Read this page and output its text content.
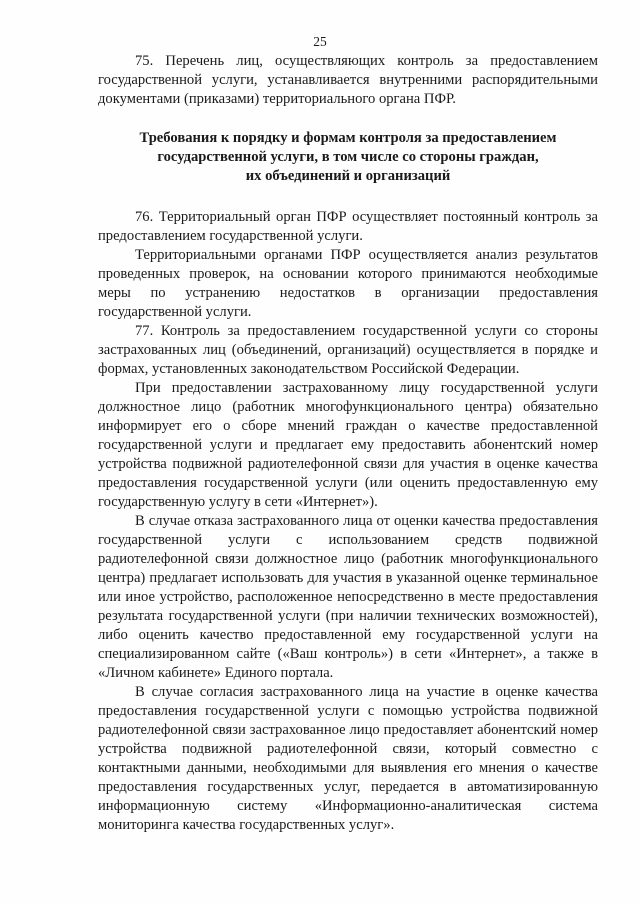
25

75. Перечень лиц, осуществляющих контроль за предоставлением государственной услуги, устанавливается внутренними распорядительными документами (приказами) территориального органа ПФР.

Требования к порядку и формам контроля за предоставлением
государственной услуги, в том числе со стороны граждан,
их объединений и организаций

76. Территориальный орган ПФР осуществляет постоянный контроль за предоставлением государственной услуги.

Территориальными органами ПФР осуществляется анализ результатов проведенных проверок, на основании которого принимаются необходимые меры по устранению недостатков в организации предоставления государственной услуги.

77. Контроль за предоставлением государственной услуги со стороны застрахованных лиц (объединений, организаций) осуществляется в порядке и формах, установленных законодательством Российской Федерации.

При предоставлении застрахованному лицу государственной услуги должностное лицо (работник многофункционального центра) обязательно информирует его о сборе мнений граждан о качестве предоставленной государственной услуги и предлагает ему предоставить абонентский номер устройства подвижной радиотелефонной связи для участия в оценке качества предоставления государственной услуги (или оценить предоставленную ему государственную услугу в сети «Интернет»).

В случае отказа застрахованного лица от оценки качества предоставления государственной услуги с использованием средств подвижной радиотелефонной связи должностное лицо (работник многофункционального центра) предлагает использовать для участия в указанной оценке терминальное или иное устройство, расположенное непосредственно в месте предоставления результата государственной услуги (при наличии технических возможностей), либо оценить качество предоставленной ему государственной услуги на специализированном сайте («Ваш контроль») в сети «Интернет», а также в «Личном кабинете» Единого портала.

В случае согласия застрахованного лица на участие в оценке качества предоставления государственной услуги с помощью устройства подвижной радиотелефонной связи застрахованное лицо предоставляет абонентский номер устройства подвижной радиотелефонной связи, который совместно с контактными данными, необходимыми для выявления его мнения о качестве предоставления государственных услуг, передается в автоматизированную информационную систему «Информационно-аналитическая система мониторинга качества государственных услуг».
